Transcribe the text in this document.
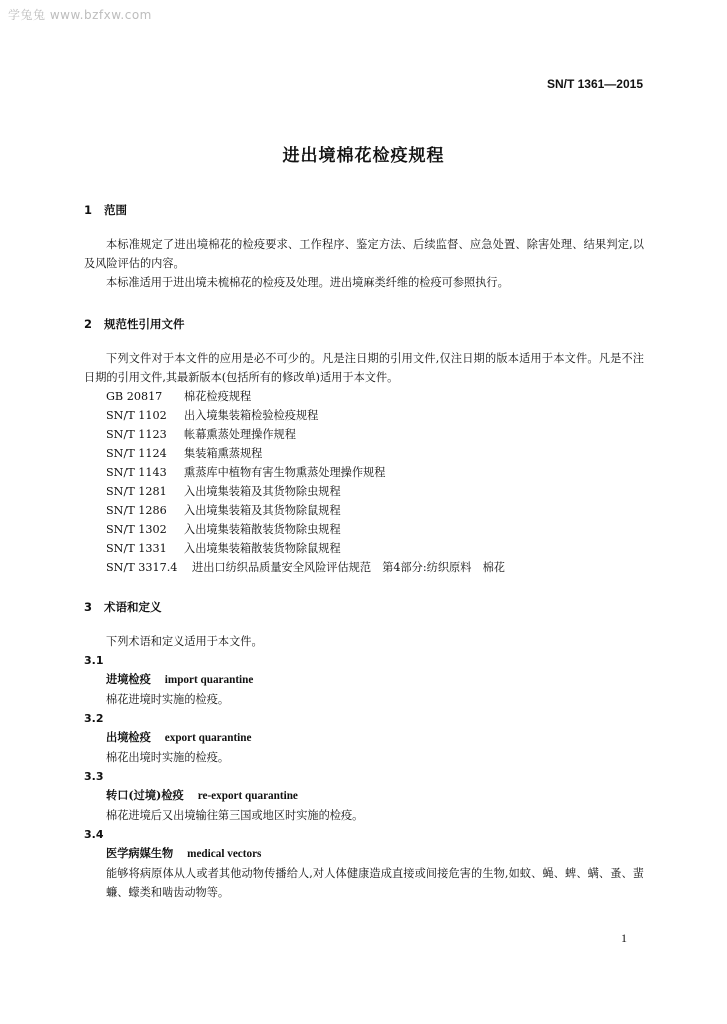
学兔兔 www.bzfxw.com
SN/T 1361—2015
进出境棉花检疫规程
1 范围

本标准规定了进出境棉花的检疫要求、工作程序、鉴定方法、后续监督、应急处置、除害处理、结果判定,以及风险评估的内容。

本标准适用于进出境未梳棉花的检疫及处理。进出境麻类纤维的检疫可参照执行。

2 规范性引用文件

下列文件对于本文件的应用是必不可少的。凡是注日期的引用文件,仅注日期的版本适用于本文件。凡是不注日期的引用文件,其最新版本(包括所有的修改单)适用于本文件。

GB 20817 棉花检疫规程
SN/T 1102 出入境集装箱检验检疫规程
SN/T 1123 帐幕熏蒸处理操作规程
SN/T 1124 集装箱熏蒸规程
SN/T 1143 熏蒸库中植物有害生物熏蒸处理操作规程
SN/T 1281 入出境集装箱及其货物除虫规程
SN/T 1286 入出境集装箱及其货物除鼠规程
SN/T 1302 入出境集装箱散装货物除虫规程
SN/T 1331 入出境集装箱散装货物除鼠规程
SN/T 3317.4 进出口纺织品质量安全风险评估规范　第4部分:纺织原料　棉花
3 术语和定义

下列术语和定义适用于本文件。

3.1
进境检疫 import quarantine
棉花进境时实施的检疫。
3.2
出境检疫 export quarantine
棉花出境时实施的检疫。
3.3
转口(过境)检疫 re-export quarantine
棉花进境后又出境输往第三国或地区时实施的检疫。
3.4
医学病媒生物 medical vectors
能够将病原体从人或者其他动物传播给人,对人体健康造成直接或间接危害的生物,如蚊、蝇、蜱、螨、蚤、蜚蠊、蠓类和啮齿动物等。
1
